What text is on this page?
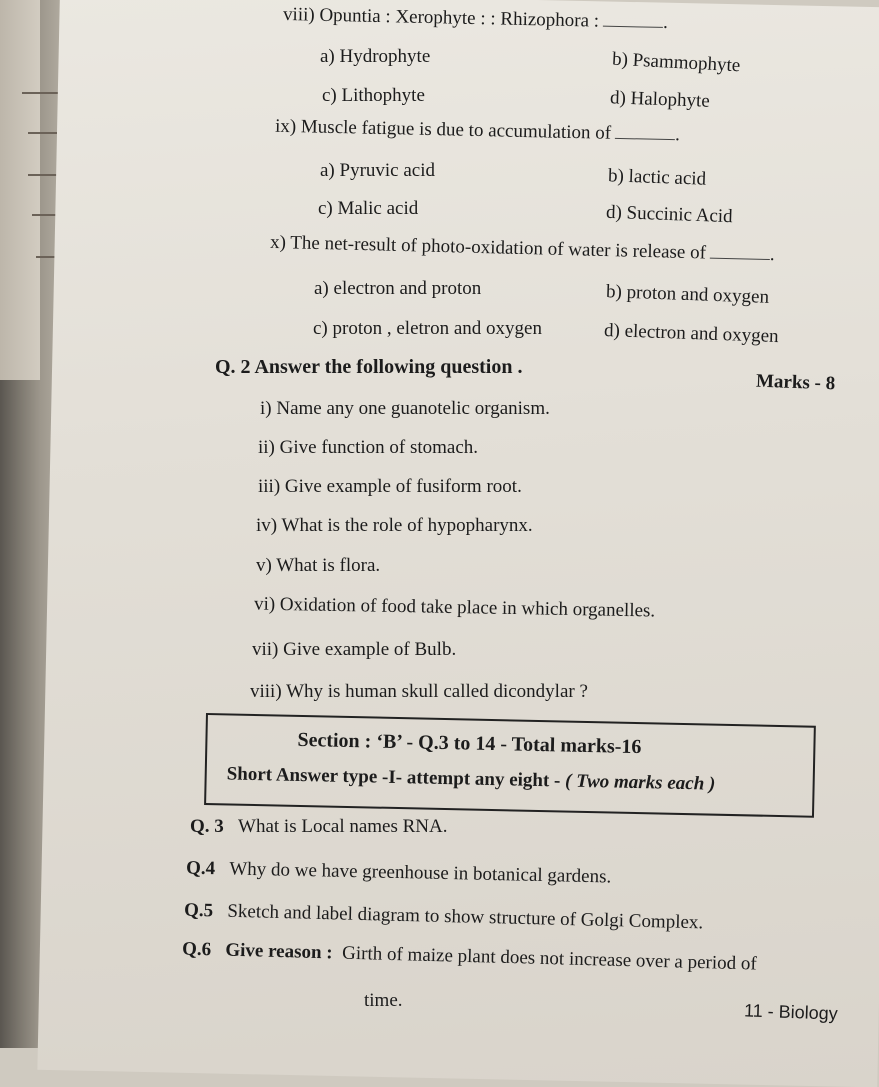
viii) Opuntia : Xerophyte : : Rhizophora :	.
a) Hydrophyte	b) Psammophyte
c) Lithophyte	d) Halophyte
ix) Muscle fatigue is due to accumulation of	.
a) Pyruvic acid	b) lactic acid
c) Malic acid	d) Succinic Acid
x) The net-result of photo-oxidation of water is release of	.
a) electron and proton	b) proton and oxygen
c) proton , eletron and oxygen	d) electron and oxygen
Q. 2 Answer the following question .
Marks - 8
i) Name any one guanotelic organism.
ii) Give function of stomach.
iii) Give example of fusiform root.
iv) What is the role of hypopharynx.
v) What is flora.
vi) Oxidation of food take place in which organelles.
vii) Give example of Bulb.
viii) Why is human skull called dicondylar ?
Section : ‘B’ - Q.3 to 14 - Total marks-16
Short Answer type -I- attempt any eight - ( Two marks each )
Q. 3 What is Local names RNA.
Q.4 Why do we have greenhouse in botanical gardens.
Q.5 Sketch and label diagram to show structure of Golgi Complex.
Q.6 Give reason : Girth of maize plant does not increase over a period of
time.	11 - Biology
